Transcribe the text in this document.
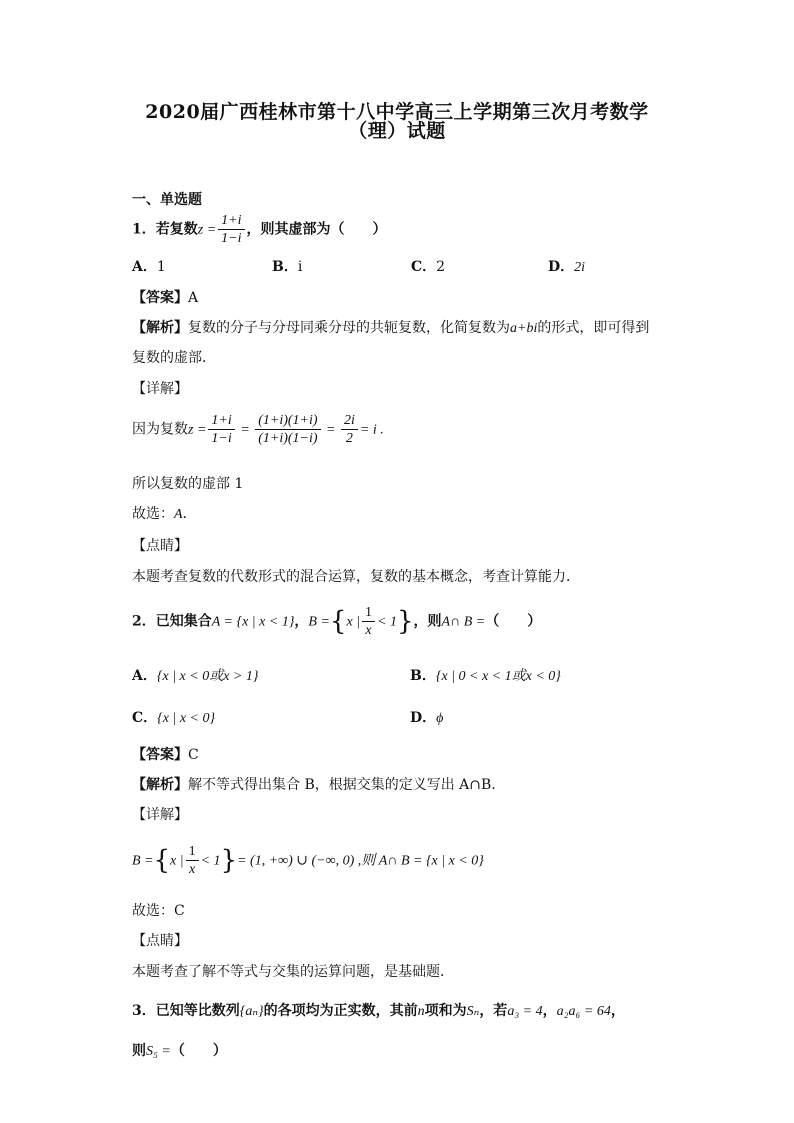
2020届广西桂林市第十八中学高三上学期第三次月考数学
（理）试题
一、单选题
1．若复数$z = \frac{1+i}{1-i}$ ，则其虚部为（　　）
A．1	B．i	C．2	D．2i
【答案】A
【解析】复数的分子与分母同乘分母的共轭复数，化简复数为a+bi的形式，即可得到
复数的虚部．
【详解】
因为复数$z = \frac{1+i}{1-i} = \frac{(1+i)(1+i)}{(1+i)(1-i)} = \frac{2i}{2} = i$ .
所以复数的虚部 1
故选：A．
【点睛】
本题考查复数的代数形式的混合运算，复数的基本概念，考查计算能力．
2．已知集合A = {x | x < 1}，B ={x | $\frac{1}{x} < 1$}，则A∩ B =（　　）
A．{x | x < 0或x > 1}	B．{x | 0 < x < 1或x < 0}
C．{x | x < 0}	D．ϕ
【答案】C
【解析】解不等式得出集合 B，根据交集的定义写出 A∩B．
【详解】
B ={x | $\frac{1}{x} < 1\}= (1$, +∞) ∪ (−∞, 0) ,则 A∩ B = {x | x < 0}
故选：C
【点睛】
本题考查了解不等式与交集的运算问题，是基础题．
3．已知等比数列{aₙ}的各项均为正实数，其前n项和为Sₙ，若a₃ = 4，a₂a₆ = 64，
则S₅ =（　　）
